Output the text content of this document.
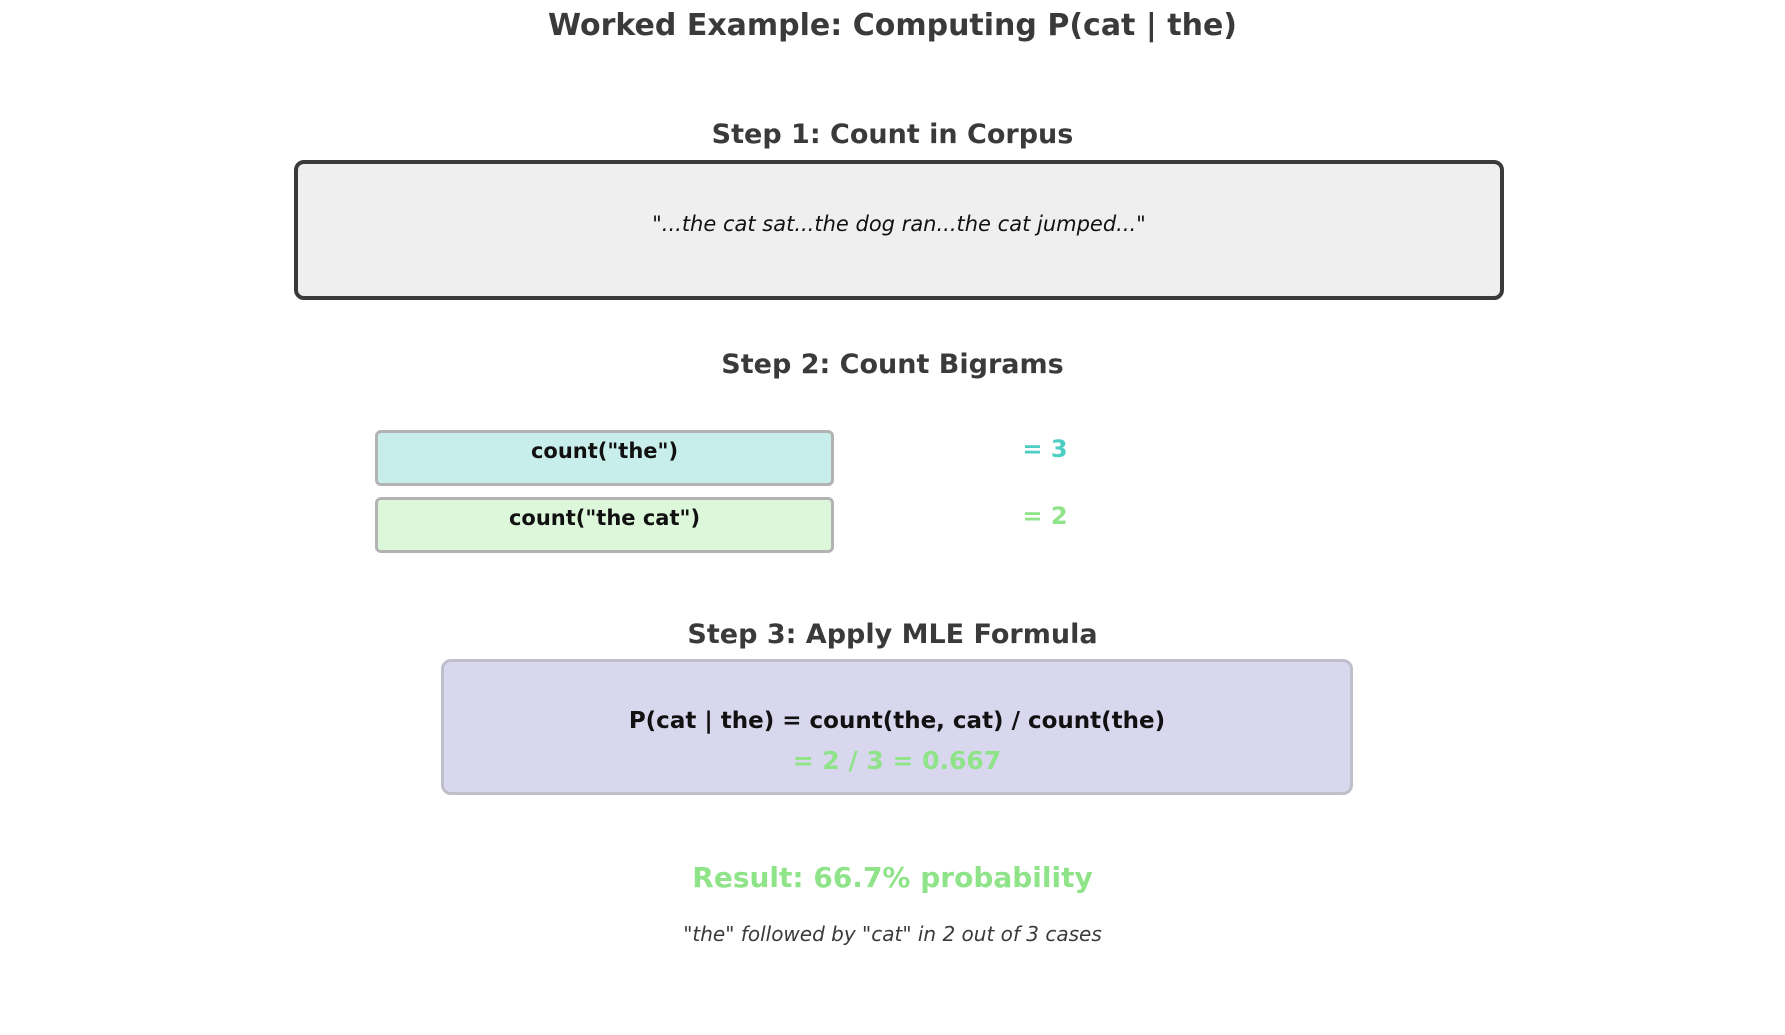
Worked Example: Computing P(cat | the)
Step 1: Count in Corpus
"...the cat sat...the dog ran...the cat jumped..."
Step 2: Count Bigrams
count("the")	= 3
count("the cat")	= 2
Step 3: Apply MLE Formula
P(cat | the) = count(the, cat) / count(the)
= 2 / 3 = 0.667
Result: 66.7% probability
"the" followed by "cat" in 2 out of 3 cases
